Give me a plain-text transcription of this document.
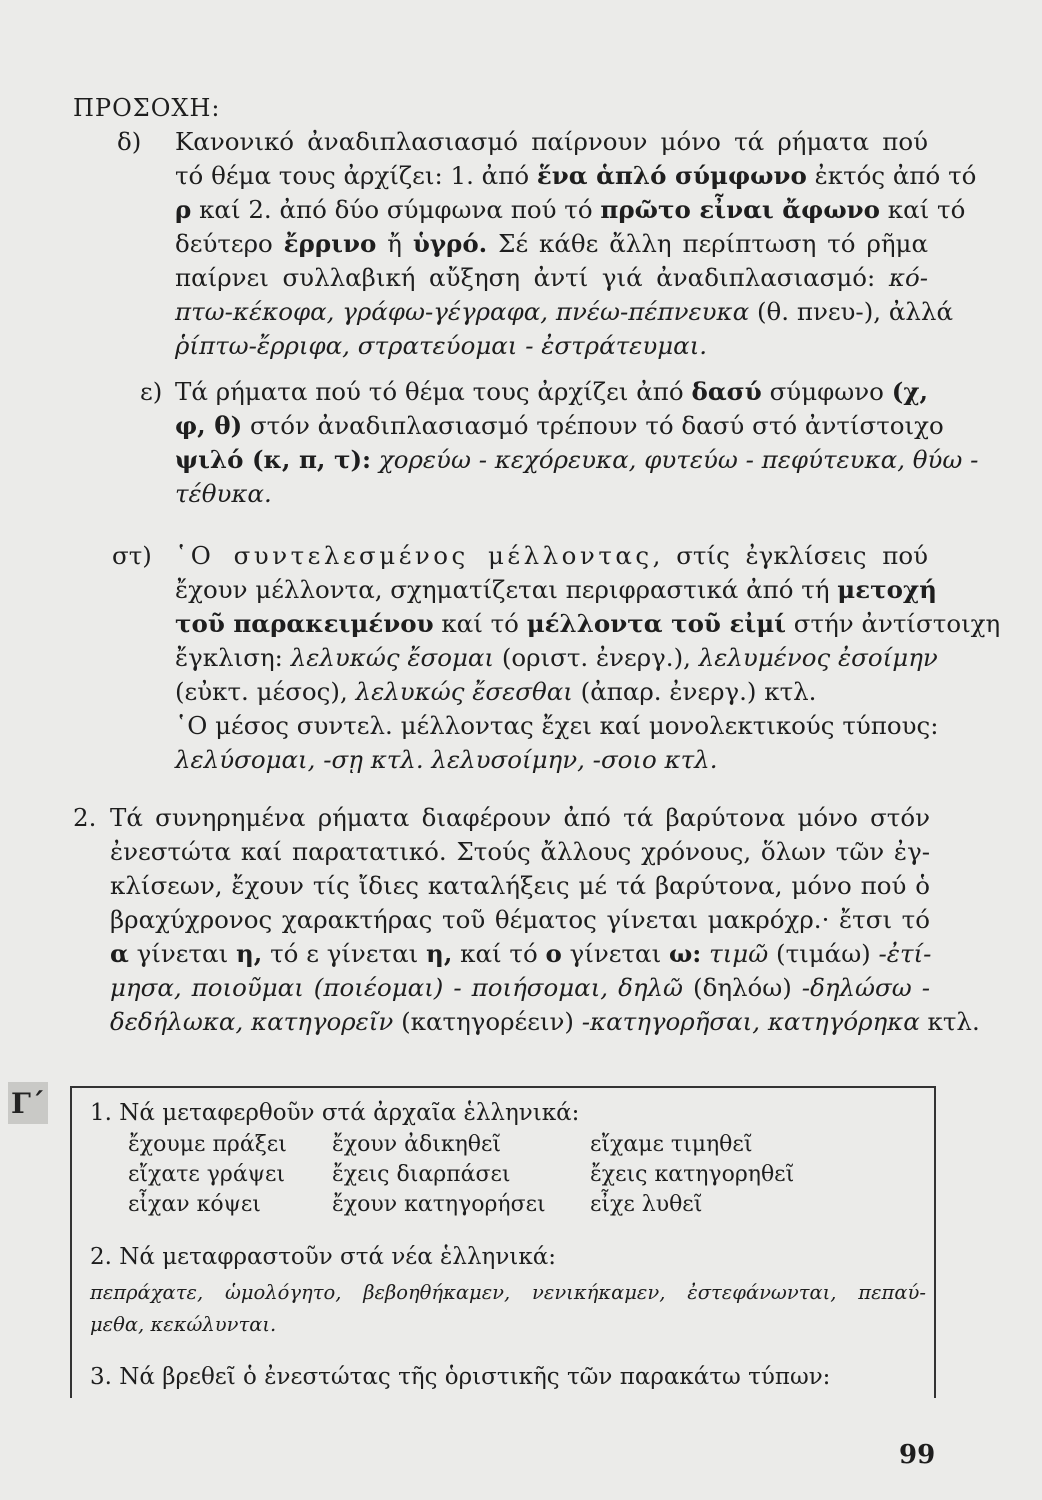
ΠΡΟΣΟΧΗ:
δ) Κανονικό ἀναδιπλασιασμό παίρνουν μόνο τά ρήματα πού
τό θέμα τους ἀρχίζει: 1. ἀπό ἕνα ἁπλό σύμφωνο ἐκτός ἀπό τό
ρ καί 2. ἀπό δύο σύμφωνα πού τό πρῶτο εἶναι ἄφωνο καί τό
δεύτερο ἔρρινο ἤ ὑγρό. Σέ κάθε ἄλλη περίπτωση τό ρῆμα
παίρνει συλλαβική αὔξηση ἀντί γιά ἀναδιπλασιασμό: κό-
πτω-κέκοφα, γράφω-γέγραφα, πνέω-πέπνευκα (θ. πνευ-), ἀλλά
ῥίπτω-ἔρριφα, στρατεύομαι - ἐστράτευμαι.
ε) Τά ρήματα πού τό θέμα τους ἀρχίζει ἀπό δασύ σύμφωνο (χ,
φ, θ) στόν ἀναδιπλασιασμό τρέπουν τό δασύ στό ἀντίστοιχο
ψιλό (κ, π, τ): χορεύω - κεχόρευκα, φυτεύω - πεφύτευκα, θύω -
τέθυκα.
στ) ῾Ο συντελεσμένος μέλλοντας, στίς ἐγκλίσεις πού
ἔχουν μέλλοντα, σχηματίζεται περιφραστικά ἀπό τή μετοχή
τοῦ παρακειμένου καί τό μέλλοντα τοῦ εἰμί στήν ἀντίστοιχη
ἔγκλιση: λελυκώς ἔσομαι (οριστ. ἐνεργ.), λελυμένος ἐσοίμην
(εὐκτ. μέσος), λελυκώς ἔσεσθαι (ἀπαρ. ἐνεργ.) κτλ.
῾Ο μέσος συντελ. μέλλοντας ἔχει καί μονολεκτικούς τύπους:
λελύσομαι, -σῃ κτλ. λελυσοίμην, -σοιο κτλ.
2. Τά συνηρημένα ρήματα διαφέρουν ἀπό τά βαρύτονα μόνο στόν
ἐνεστώτα καί παρατατικό. Στούς ἄλλους χρόνους, ὅλων τῶν ἐγ-
κλίσεων, ἔχουν τίς ἴδιες καταλήξεις μέ τά βαρύτονα, μόνο πού ὁ
βραχύχρονος χαρακτήρας τοῦ θέματος γίνεται μακρόχρ.· ἔτσι τό
α γίνεται η, τό ε γίνεται η, καί τό ο γίνεται ω: τιμῶ (τιμάω) -ἐτί-
μησα, ποιοῦμαι (ποιέομαι) - ποιήσομαι, δηλῶ (δηλόω) -δηλώσω -
δεδήλωκα, κατηγορεῖν (κατηγορέειν) -κατηγορῆσαι, κατηγόρηκα κτλ.
Γ΄ 1. Νά μεταφερθοῦν στά ἀρχαῖα ἑλληνικά:
ἔχουμε πράξει
εἴχατε γράψει
εἶχαν κόψει
ἔχουν ἀδικηθεῖ
ἔχεις διαρπάσει
ἔχουν κατηγορήσει
εἴχαμε τιμηθεῖ
ἔχεις κατηγορηθεῖ
εἶχε λυθεῖ
2. Νά μεταφραστοῦν στά νέα ἑλληνικά:
πεπράχατε, ὡμολόγητο, βεβοηθήκαμεν, νενικήκαμεν, ἐστεφάνωνται, πεπαύ-
μεθα, κεκώλυνται.
3. Νά βρεθεῖ ὁ ἐνεστώτας τῆς ὁριστικῆς τῶν παρακάτω τύπων:
99
